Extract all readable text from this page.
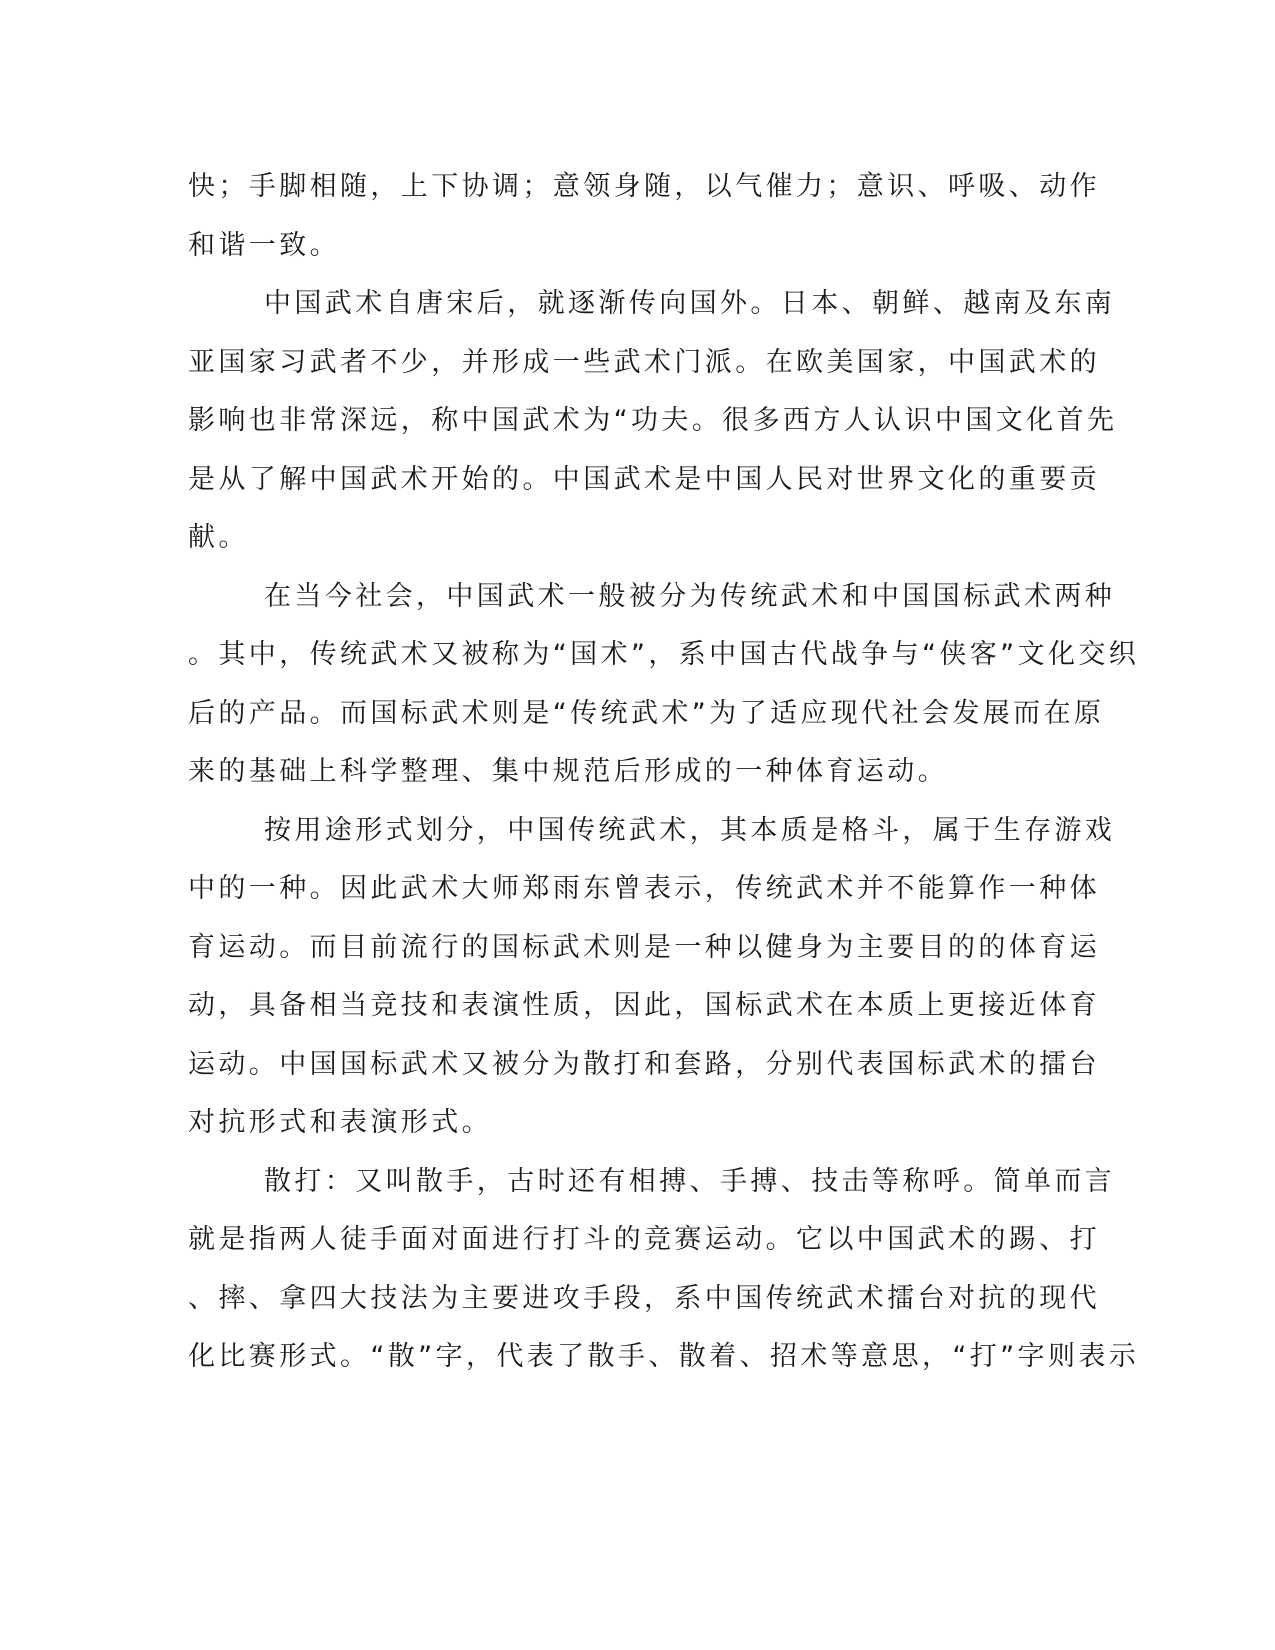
快；手脚相随，上下协调；意领身随，以气催力；意识、呼吸、动作
和谐一致。
中国武术自唐宋后，就逐渐传向国外。日本、朝鲜、越南及东南
亚国家习武者不少，并形成一些武术门派。在欧美国家，中国武术的
影响也非常深远，称中国武术为“功夫。很多西方人认识中国文化首先
是从了解中国武术开始的。中国武术是中国人民对世界文化的重要贡
献。
在当今社会，中国武术一般被分为传统武术和中国国标武术两种
。其中，传统武术又被称为“国术”，系中国古代战争与“侠客”文化交织
后的产品。而国标武术则是“传统武术”为了适应现代社会发展而在原
来的基础上科学整理、集中规范后形成的一种体育运动。
按用途形式划分，中国传统武术，其本质是格斗，属于生存游戏
中的一种。因此武术大师郑雨东曾表示，传统武术并不能算作一种体
育运动。而目前流行的国标武术则是一种以健身为主要目的的体育运
动，具备相当竞技和表演性质，因此，国标武术在本质上更接近体育
运动。中国国标武术又被分为散打和套路，分别代表国标武术的擂台
对抗形式和表演形式。
散打：又叫散手，古时还有相搏、手搏、技击等称呼。简单而言
就是指两人徒手面对面进行打斗的竞赛运动。它以中国武术的踢、打
、摔、拿四大技法为主要进攻手段，系中国传统武术擂台对抗的现代
化比赛形式。“散”字，代表了散手、散着、招术等意思，“打”字则表示
